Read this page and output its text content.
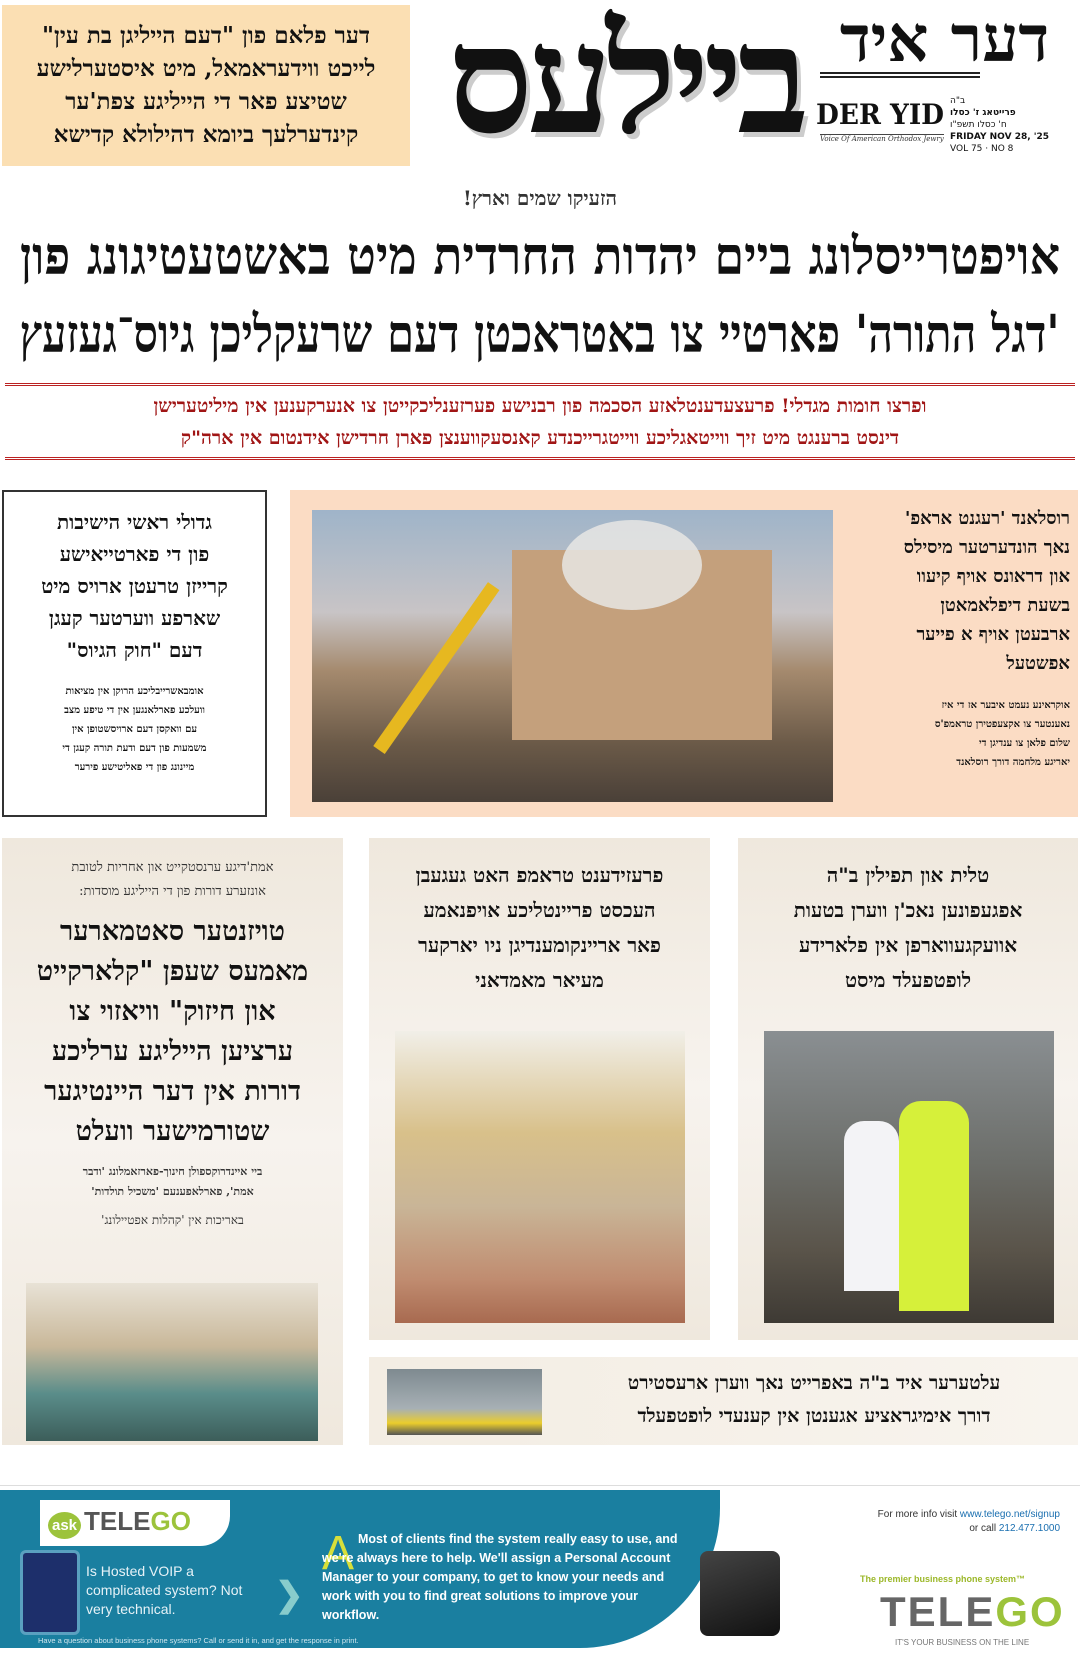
דער פלאם פון "דעם הייליגן בת עין"
לייכט ווידעראמאל, מיט איסטערלישע
שטיצע פאר די הייליגע צפת'ער
קינדערלעך ביומא דהילולא קדישא ביילעס דער איד
DER YID
Voice Of American Orthodox Jewry
ב"ה
פרייטאג ז' כסלו
ח' כסלו תשפ"ו
FRIDAY NOV 28, '25
VOL 75 · NO 8
הזעיקו שמים וארץ!
אויפטרייסלונג ביים יהדות החרדית מיט באשטעטיגונג פון
'דגל התורה' פארטיי צו באטראכטן דעם שרעקליכן גיוס־געזעץ
ופרצו חומות מגדלי! פרעצעדענטלאזע הסכמה פון רבנישע פערזענליכקייטן צו אנערקענען אין מיליטערישן
דינסט ברענגט מיט זיך ווייטאגליכע ווייטגרייכנדע קאנסעקווענצן פארן חרדישן אידנטום אין ארה"ק
גדולי ראשי הישיבות
פון די פארטייאישע
קרייזן טרעטן ארויס מיט
שארפע ווערטער קעגן
דעם "חוק הגיוס"
אומבאשרייבליכע הרוקן אין מציאות
וועלכע פארלאנגען אין די טיפע מצב
עם וואקסן דעם ארויסשטופן אין
משמעות פון דעם ודעת תורה קעגן די
מיינונג פון די פאליטישע פירער
רוסלאנד 'רעגנט אראפ'
נאך הונדערטער מיסילס
און דראונס אויף קיעוו
בשעת דיפלאמאטן
ארבעטן אויף א פייער
אפשטעל
אוקראינע נעמט איבער אז די איז
נאענטער צו אקצעפטירן טראמפ'ס
שלום פלאן צו ענדיגן די
יאריגע מלחמה דורך רוסלאנד
אמת'דיגע ערנסטקייט און אחריות לטובת
אונזערע דורות פון די הייליגע מוסדות:
טויזנטער סאטמארער
מאמעס שעפן "קלארקייט
און חיזוק" וויאזוי צו
ערציען הייליגע ערליכע
דורות אין דער היינטיגער
שטורמישער וועלט
ביי איינדרוקספולן חינוך-פארזאמלונג 'ודבר
אמת', פארלאפענעם 'משכיל תולדות'
באריכות אין 'קהלות אפטיילונג'
פרעזידענט טראמפ האט געגעבן
העכסט פריינטליכע אויפנאמע
פאר אריינקומענדיגן ניו יארקער
מעיאר מאמדאני
טלית און תפילין ב"ה
אפגעפונען נאכ'ן ווערן בטעות
אוועקגעווארפן אין פלארידע
לופטפעלד מיסט
עלטערער איד ב"ה באפרייט נאך ווערן ארעסטירט
דורך אימיגראציע אגענטן אין קענעדי לופטפעלד
ask TELEGO
Is Hosted VOIP a complicated system? Not very technical.	❯
A Most of clients find the system really easy to use, and we're always here to help. We'll assign a Personal Account Manager to your company, to get to know your needs and work with you to find great solutions to improve your workflow.
Have a question about business phone systems? Call or send it in, and get the response in print.
For more info visit www.telego.net/signup
or call 212.477.1000
The premier business phone system™
TELEGO
IT'S YOUR BUSINESS ON THE LINE
